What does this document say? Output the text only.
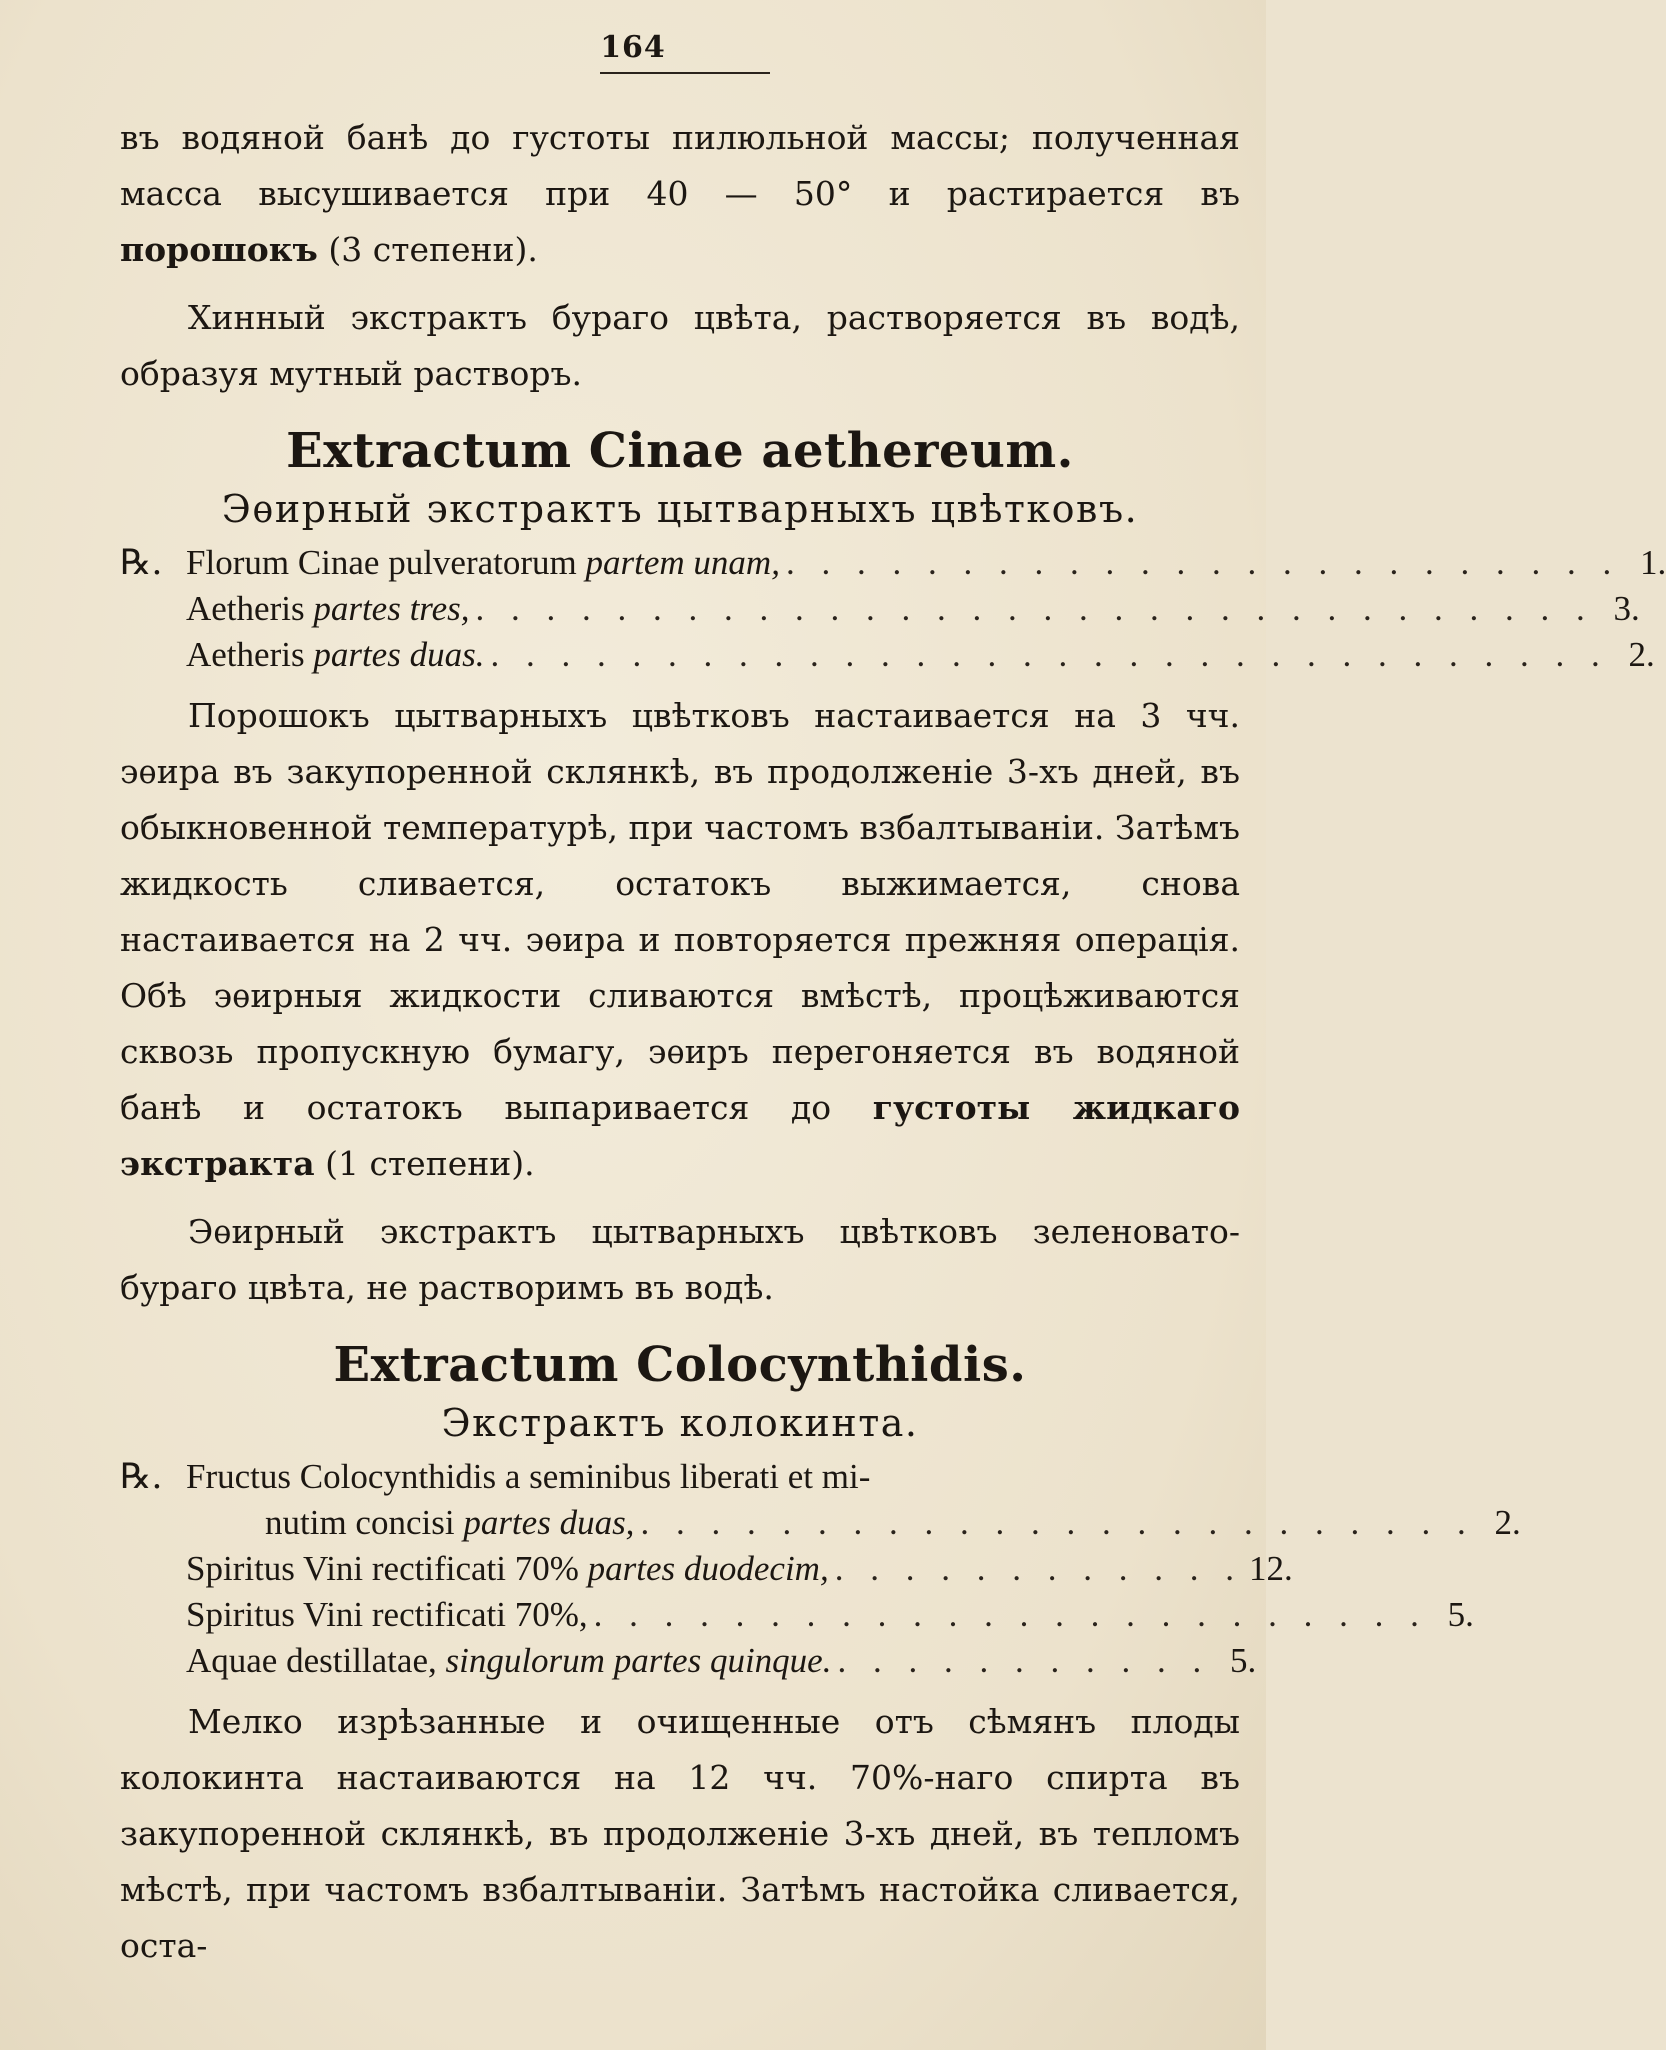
164

въ водяной банѣ до густоты пилюльной массы; полученная масса высушивается при 40 — 50° и растирается въ порошокъ (3 степени).

Хинный экстрактъ бураго цвѣта, растворяется въ водѣ, образуя мутный растворъ.

Extractum Cinae aethereum.
Эѳирный экстрактъ цытварныхъ цвѣтковъ.
℞. Florum Cinae pulveratorum partem unam, . . . . . . . . . . . . . . . . . . . . . . . . 1.
Aetheris partes tres, . . . . . . . . . . . . . . . . . . . . . . . . . . . . . . . . 3.
Aetheris partes duas. . . . . . . . . . . . . . . . . . . . . . . . . . . . . . . . . 2.

Порошокъ цытварныхъ цвѣтковъ настаивается на 3 чч. эѳира въ закупоренной склянкѣ, въ продолженіе 3-хъ дней, въ обыкновенной температурѣ, при частомъ взбалтываніи. Затѣмъ жидкость сливается, остатокъ выжимается, снова настаивается на 2 чч. эѳира и повторяется прежняя операція. Обѣ эѳирныя жидкости сливаются вмѣстѣ, процѣживаются сквозь пропускную бумагу, эѳиръ перегоняется въ водяной банѣ и остатокъ выпаривается до густоты жидкаго экстракта (1 степени).

Эѳирный экстрактъ цытварныхъ цвѣтковъ зеленовато-бураго цвѣта, не растворимъ въ водѣ.

Extractum Colocynthidis.
Экстрактъ колокинта.
℞. Fructus Colocynthidis a seminibus liberati et mi-
nutim concisi partes duas, . . . . . . . . . . . . . . . . . . . . . . . . 2.
Spiritus Vini rectificati 70% partes duodecim, . . . . . . . . . . . . 12.
Spiritus Vini rectificati 70%, . . . . . . . . . . . . . . . . . . . . . . . . 5.
Aquae destillatae, singulorum partes quinque. . . . . . . . . . . . 5.

Мелко изрѣзанные и очищенные отъ сѣмянъ плоды колокинта настаиваются на 12 чч. 70%-наго спирта въ закупоренной склянкѣ, въ продолженіе 3-хъ дней, въ тепломъ мѣстѣ, при частомъ взбалтываніи. Затѣмъ настойка сливается, оста-
